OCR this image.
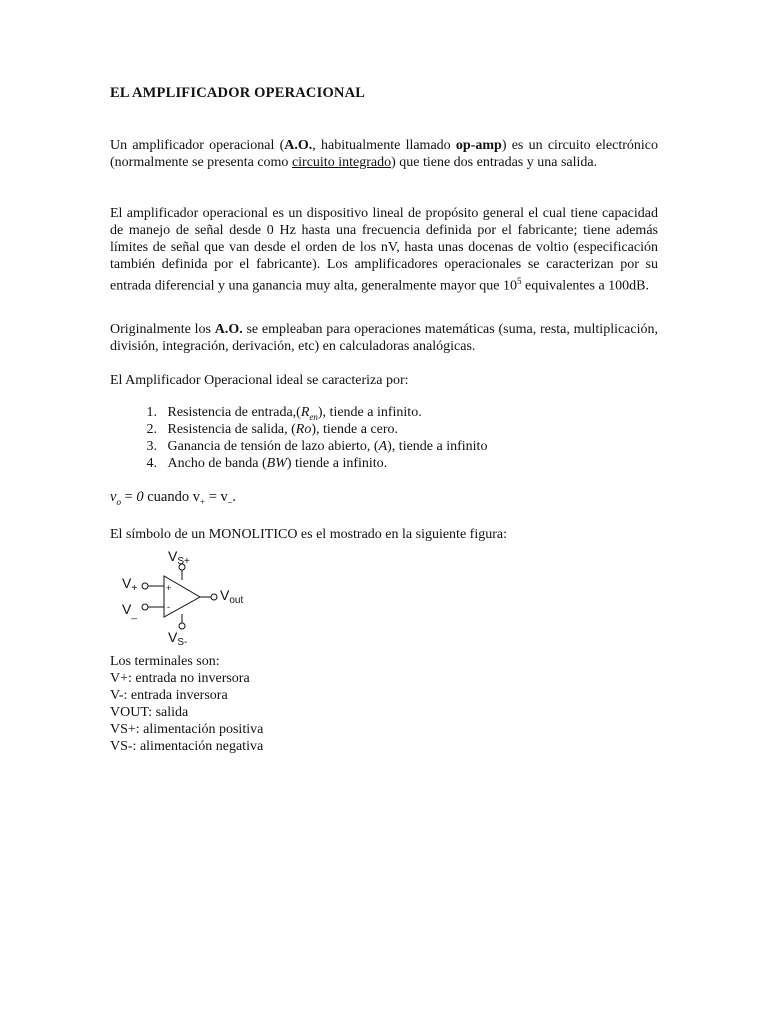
EL AMPLIFICADOR OPERACIONAL

Un amplificador operacional (A.O., habitualmente llamado op-amp) es un circuito electrónico (normalmente se presenta como circuito integrado) que tiene dos entradas y una salida.

El amplificador operacional es un dispositivo lineal de propósito general el cual tiene capacidad de manejo de señal desde 0 Hz hasta una frecuencia definida por el fabricante; tiene además límites de señal que van desde el orden de los nV, hasta unas docenas de voltio (especificación también definida por el fabricante). Los amplificadores operacionales se caracterizan por su entrada diferencial y una ganancia muy alta, generalmente mayor que $10^5$ equivalentes a 100dB.

Originalmente los A.O. se empleaban para operaciones matemáticas (suma, resta, multiplicación, división, integración, derivación, etc) en calculadoras analógicas.

El Amplificador Operacional ideal se caracteriza por:

1. Resistencia de $entrada,(R_{en})$, tiende a infinito.
2. Resistencia de salida, (Ro), tiende a cero.
3. Ganancia de tensión de lazo abierto, (A), tiende a infinito
4. Ancho de banda (BW) tiende a infinito.
$v_o = 0$ cuando $v_+ = v_-$.
El símbolo de un MONOLITICO es el mostrado en la siguiente figura:
$V_{S+}$
$V_+$
$V_{\_}$
$V_{out}$
$V_{S-}$
+
-
Los terminales son:
V+: entrada no inversora
V-: entrada inversora
VOUT: salida
VS+: alimentación positiva
VS-: alimentación negativa
